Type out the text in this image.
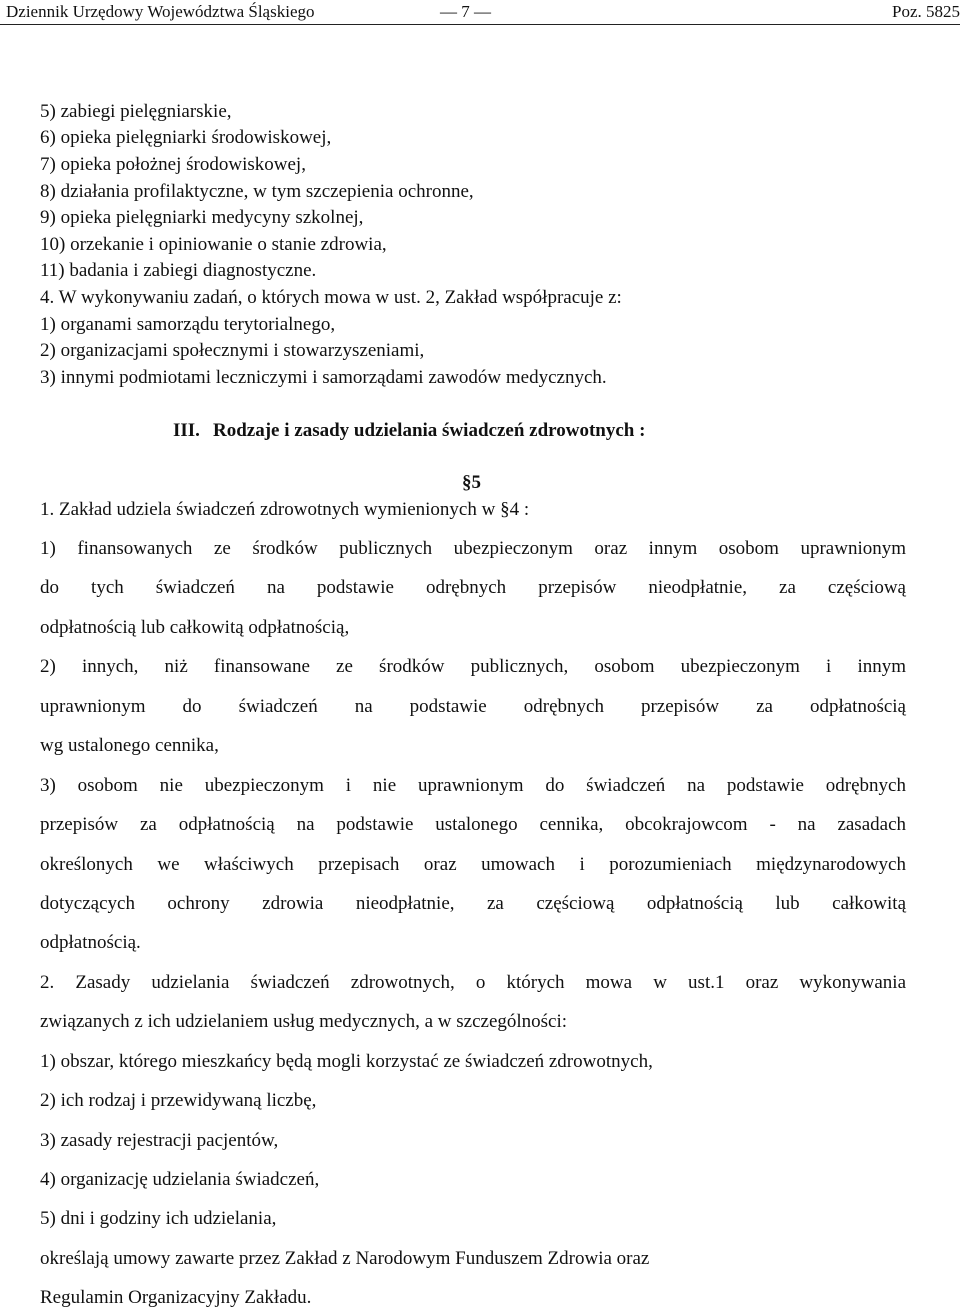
Dziennik Urzędowy Województwa Śląskiego	— 7 —	Poz. 5825
5) zabiegi pielęgniarskie,
6) opieka pielęgniarki środowiskowej,
7) opieka położnej środowiskowej,
8) działania profilaktyczne, w tym szczepienia ochronne,
9) opieka pielęgniarki medycyny szkolnej,
10) orzekanie i opiniowanie o stanie zdrowia,
11) badania i zabiegi diagnostyczne.
4. W wykonywaniu zadań, o których mowa w ust. 2, Zakład współpracuje z:
1) organami samorządu terytorialnego,
2) organizacjami społecznymi i stowarzyszeniami,
3) innymi podmiotami leczniczymi i samorządami zawodów medycznych.
III. Rodzaje i zasady udzielania świadczeń zdrowotnych :
§5
1. Zakład udziela świadczeń zdrowotnych wymienionych w §4 :
1) finansowanych ze środków publicznych ubezpieczonym oraz innym osobom uprawnionym
do tych świadczeń na podstawie odrębnych przepisów nieodpłatnie, za częściową
odpłatnością lub całkowitą odpłatnością,
2) innych, niż finansowane ze środków publicznych, osobom ubezpieczonym i innym
uprawnionym do świadczeń na podstawie odrębnych przepisów za odpłatnością
wg ustalonego cennika,
3) osobom nie ubezpieczonym i nie uprawnionym do świadczeń na podstawie odrębnych
przepisów za odpłatnością na podstawie ustalonego cennika, obcokrajowcom - na zasadach
określonych we właściwych przepisach oraz umowach i porozumieniach międzynarodowych
dotyczących ochrony zdrowia nieodpłatnie, za częściową odpłatnością lub całkowitą
odpłatnością.
2. Zasady udzielania świadczeń zdrowotnych, o których mowa w ust.1 oraz wykonywania
związanych z ich udzielaniem usług medycznych, a w szczególności:
1) obszar, którego mieszkańcy będą mogli korzystać ze świadczeń zdrowotnych,
2) ich rodzaj i przewidywaną liczbę,
3) zasady rejestracji pacjentów,
4) organizację udzielania świadczeń,
5) dni i godziny ich udzielania,
określają umowy zawarte przez Zakład z Narodowym Funduszem Zdrowia oraz
Regulamin Organizacyjny Zakładu.
